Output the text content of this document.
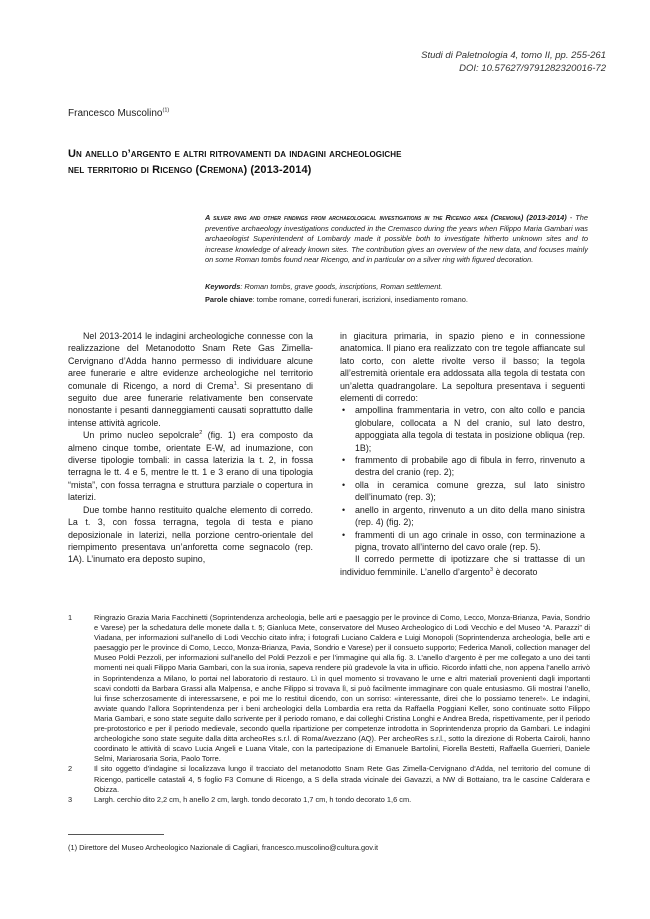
Studi di Paletnologia 4, tomo II, pp. 255-261
DOI: 10.57627/9791282320016-72
Francesco Muscolino$^{(1)}$
Un anello d’argento e altri ritrovamenti da indagini archeologiche
nel territorio di Ricengo (Cremona) (2013-2014)
A silver ring and other findings from archaeological investigations in the Ricengo area (Cremona) (2013-2014) - The preventive archaeology investigations conducted in the Cremasco during the years when Filippo Maria Gambari was archaeologist Superintendent of Lombardy made it possible both to investigate hitherto unknown sites and to increase knowledge of already known sites. The contribution gives an overview of the new data, and focuses mainly on some Roman tombs found near Ricengo, and in particular on a silver ring with figured decoration.
Keywords: Roman tombs, grave goods, inscriptions, Roman settlement.
Parole chiave: tombe romane, corredi funerari, iscrizioni, insediamento romano.

Nel 2013-2014 le indagini archeologiche connesse con la realizzazione del Metanodotto Snam Rete Gas Zimella-Cervignano d’Adda hanno permesso di individuare alcune aree funerarie e altre evidenze archeologiche nel territorio comunale di Ricengo, a nord di Crema$^1$. Si presentano di seguito due aree funerarie relativamente ben conservate nonostante i pesanti danneggiamenti causati soprattutto dalle intense attività agricole.

Un primo nucleo sepolcrale$^2$ (fig. 1) era composto da almeno cinque tombe, orientate E-W, ad inumazione, con diverse tipologie tombali: in cassa laterizia la t. 2, in fossa terragna le tt. 4 e 5, mentre le tt. 1 e 3 erano di una tipologia “mista”, con fossa terragna e struttura parziale o copertura in laterizi.

Due tombe hanno restituito qualche elemento di corredo. La t. 3, con fossa terragna, tegola di testa e piano deposizionale in laterizi, nella porzione centro-orientale del riempimento presentava un’anforetta come segnacolo (rep. 1A). L’inumato era deposto supino,

in giacitura primaria, in spazio pieno e in connessione anatomica. Il piano era realizzato con tre tegole affiancate sul lato corto, con alette rivolte verso il basso; la tegola all’estremità orientale era addossata alla tegola di testata con un’aletta quadrangolare. La sepoltura presentava i seguenti elementi di corredo:

• ampollina frammentaria in vetro, con alto collo e pancia globulare, collocata a N del cranio, sul lato destro, appoggiata alla tegola di testata in posizione obliqua (rep. 1B);
• frammento di probabile ago di fibula in ferro, rinvenuto a destra del cranio (rep. 2);
• olla in ceramica comune grezza, sul lato sinistro dell’inumato (rep. 3);
• anello in argento, rinvenuto a un dito della mano sinistra (rep. 4) (fig. 2);
• frammenti di un ago crinale in osso, con terminazione a pigna, trovato all’interno del cavo orale (rep. 5).

Il corredo permette di ipotizzare che si trattasse di un individuo femminile. L’anello d’argento$^3$ è decorato

1	Ringrazio Grazia Maria Facchinetti (Soprintendenza archeologia, belle arti e paesaggio per le province di Como, Lecco, Monza-Brianza, Pavia, Sondrio e Varese) per la schedatura delle monete dalla t. 5; Gianluca Mete, conservatore del Museo Archeologico di Lodi Vecchio e del Museo “A. Parazzi” di Viadana, per informazioni sull’anello di Lodi Vecchio citato infra; i fotografi Luciano Caldera e Luigi Monopoli (Soprintendenza archeologia, belle arti e paesaggio per le province di Como, Lecco, Monza-Brianza, Pavia, Sondrio e Varese) per il consueto supporto; Federica Manoli, collection manager del Museo Poldi Pezzoli, per informazioni sull’anello del Poldi Pezzoli e per l’immagine qui alla fig. 3. L’anello d’argento è per me collegato a uno dei tanti momenti nei quali Filippo Maria Gambari, con la sua ironia, sapeva rendere più gradevole la vita in ufficio. Ricordo infatti che, non appena l’anello arrivò in Soprintendenza a Milano, lo portai nel laboratorio di restauro. Lì in quel momento si trovavano le urne e altri materiali provenienti dagli importanti scavi condotti da Barbara Grassi alla Malpensa, e anche Filippo si trovava lì, si può facilmente immaginare con quale entusiasmo. Gli mostrai l’anello, lui finse scherzosamente di interessarsene, e poi me lo restituì dicendo, con un sorriso: «interessante, direi che lo possiamo tenere!». Le indagini, avviate quando l’allora Soprintendenza per i beni archeologici della Lombardia era retta da Raffaella Poggiani Keller, sono continuate sotto Filippo Maria Gambari, e sono state seguite dallo scrivente per il periodo romano, e dai colleghi Cristina Longhi e Andrea Breda, rispettivamente, per il periodo pre-protostorico e per il periodo medievale, secondo quella ripartizione per competenze introdotta in Soprintendenza proprio da Gambari. Le indagini archeologiche sono state seguite dalla ditta archeoRes s.r.l. di Roma/Avezzano (AQ). Per archeoRes s.r.l., sotto la direzione di Roberta Cairoli, hanno coordinato le attività di scavo Lucia Angeli e Luana Vitale, con la partecipazione di Emanuele Bartolini, Fiorella Bestetti, Raffaella Guerrieri, Daniele Selmi, Mariarosaria Soria, Paolo Torre.
2	Il sito oggetto d’indagine si localizzava lungo il tracciato del metanodotto Snam Rete Gas Zimella-Cervignano d’Adda, nel territorio del comune di Ricengo, particelle catastali 4, 5 foglio F3 Comune di Ricengo, a S della strada vicinale dei Gavazzi, a NW di Bottaiano, tra le cascine Calderara e Obizza.
3	Largh. cerchio dito 2,2 cm, h anello 2 cm, largh. tondo decorato 1,7 cm, h tondo decorato 1,6 cm.
(1) Direttore del Museo Archeologico Nazionale di Cagliari, francesco.muscolino@cultura.gov.it
